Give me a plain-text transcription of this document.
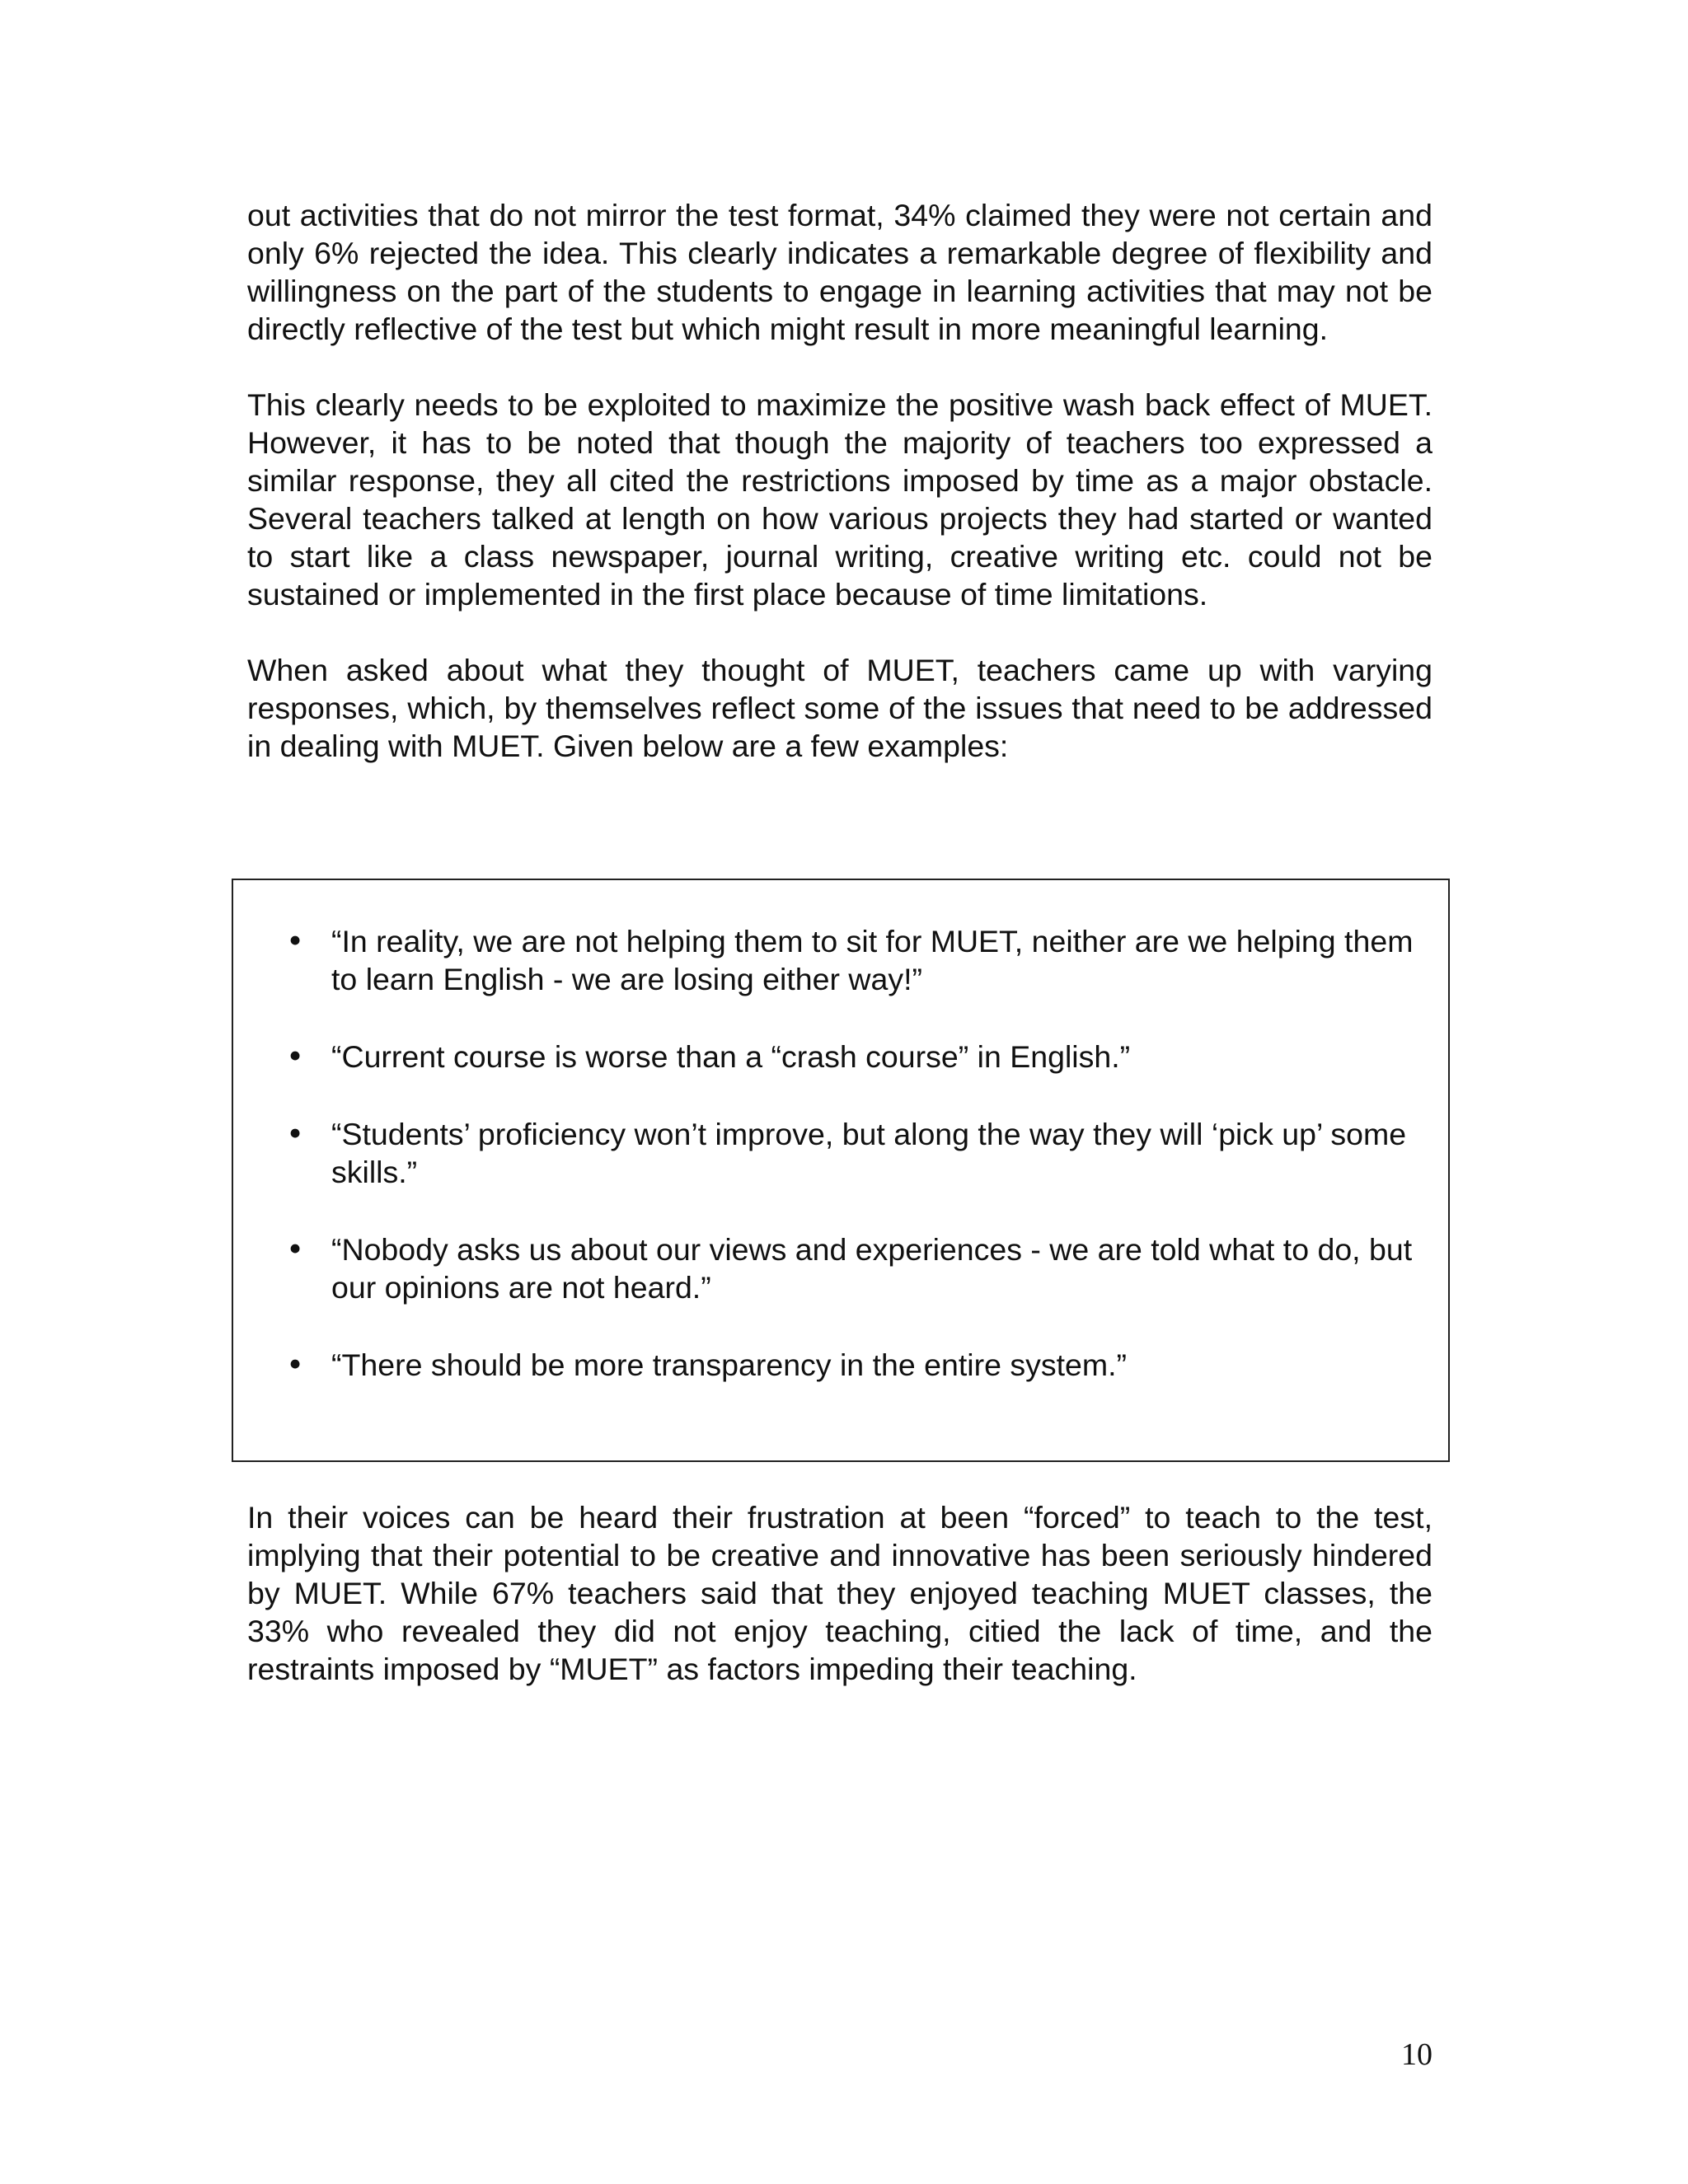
out activities that do not mirror the test format, 34% claimed they were not certain and only 6% rejected the idea. This clearly indicates a remarkable degree of flexibility and willingness on the part of the students to engage in learning activities that may not be directly reflective of the test but which might result in more meaningful learning.

This clearly needs to be exploited to maximize the positive wash back effect of MUET. However, it has to be noted that though the majority of teachers too expressed a similar response, they all cited the restrictions imposed by time as a major obstacle. Several teachers talked at length on how various projects they had started or wanted to start like a class newspaper, journal writing, creative writing etc. could not be sustained or implemented in the first place because of time limitations.

When asked about what they thought of MUET, teachers came up with varying responses, which, by themselves reflect some of the issues that need to be addressed in dealing with MUET. Given below are a few examples:

• “In reality, we are not helping them to sit for MUET, neither are we helping them to learn English - we are losing either way!”
• “Current course is worse than a “crash course” in English.”
• “Students’ proficiency won’t improve, but along the way they will ‘pick up’ some skills.”
• “Nobody asks us about our views and experiences - we are told what to do, but our opinions are not heard.”
• “There should be more transparency in the entire system.”

In their voices can be heard their frustration at been “forced” to teach to the test, implying that their potential to be creative and innovative has been seriously hindered by MUET. While 67% teachers said that they enjoyed teaching MUET classes, the 33% who revealed they did not enjoy teaching, citied the lack of time, and the restraints imposed by “MUET” as factors impeding their teaching.

10
